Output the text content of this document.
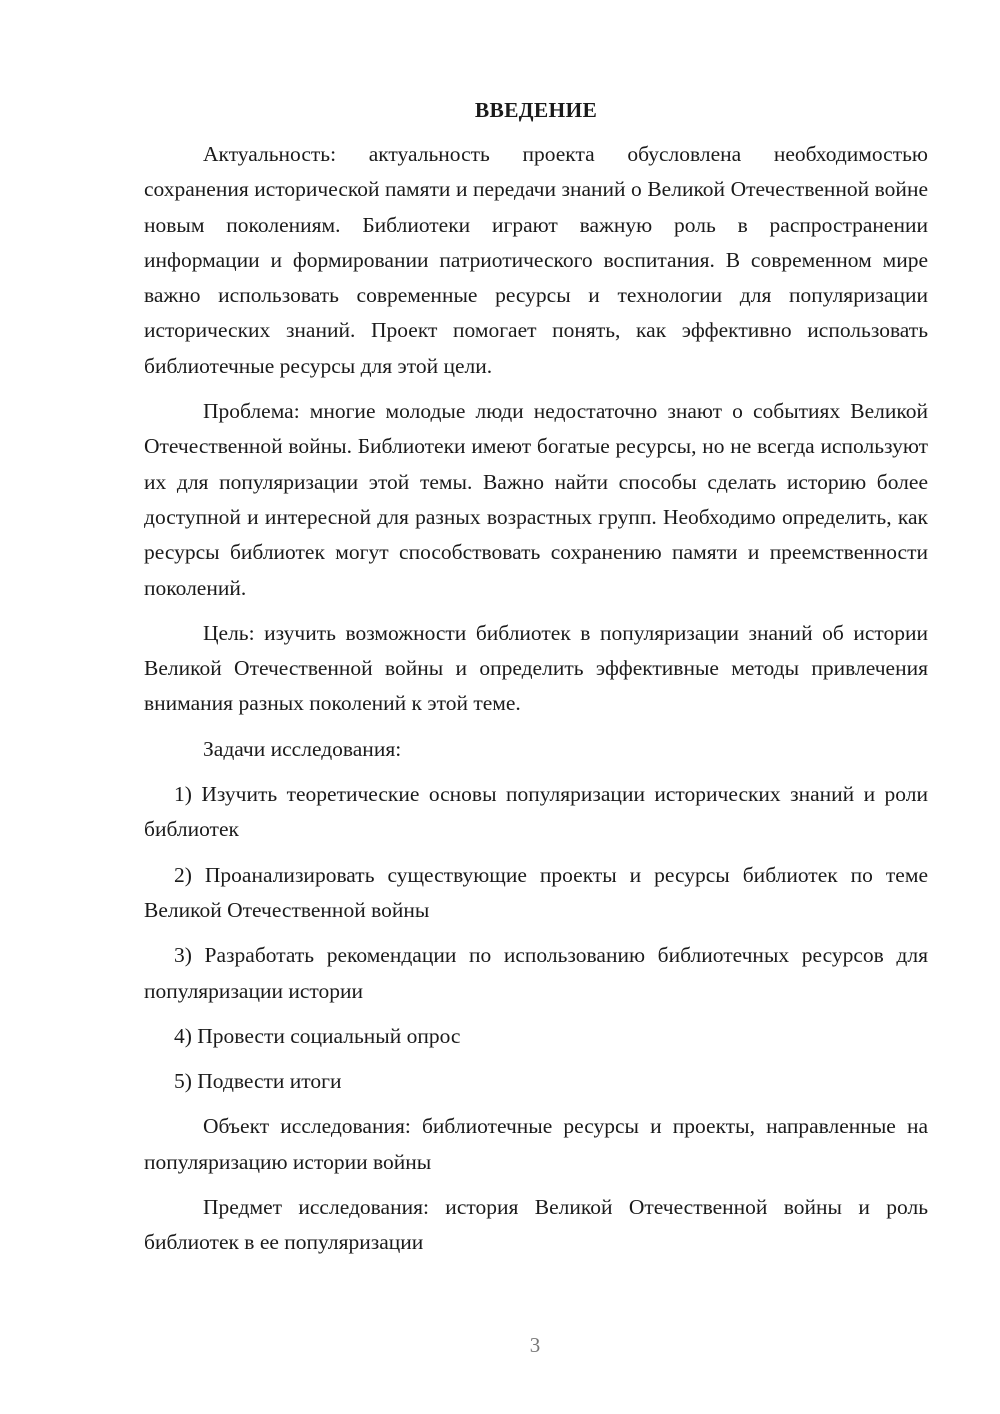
ВВЕДЕНИЕ

Актуальность: актуальность проекта обусловлена необходимостью сохранения исторической памяти и передачи знаний о Великой Отечественной войне новым поколениям. Библиотеки играют важную роль в распространении информации и формировании патриотического воспитания. В современном мире важно использовать современные ресурсы и технологии для популяризации исторических знаний. Проект помогает понять, как эффективно использовать библиотечные ресурсы для этой цели.

Проблема: многие молодые люди недостаточно знают о событиях Великой Отечественной войны. Библиотеки имеют богатые ресурсы, но не всегда используют их для популяризации этой темы. Важно найти способы сделать историю более доступной и интересной для разных возрастных групп. Необходимо определить, как ресурсы библиотек могут способствовать сохранению памяти и преемственности поколений.

Цель: изучить возможности библиотек в популяризации знаний об истории Великой Отечественной войны и определить эффективные методы привлечения внимания разных поколений к этой теме.

Задачи исследования:

1) Изучить теоретические основы популяризации исторических знаний и роли библиотек

2) Проанализировать существующие проекты и ресурсы библиотек по теме Великой Отечественной войны

3) Разработать рекомендации по использованию библиотечных ресурсов для популяризации истории

4) Провести социальный опрос

5) Подвести итоги

Объект исследования: библиотечные ресурсы и проекты, направленные на популяризацию истории войны

Предмет исследования: история Великой Отечественной войны и роль библиотек в ее популяризации

3
